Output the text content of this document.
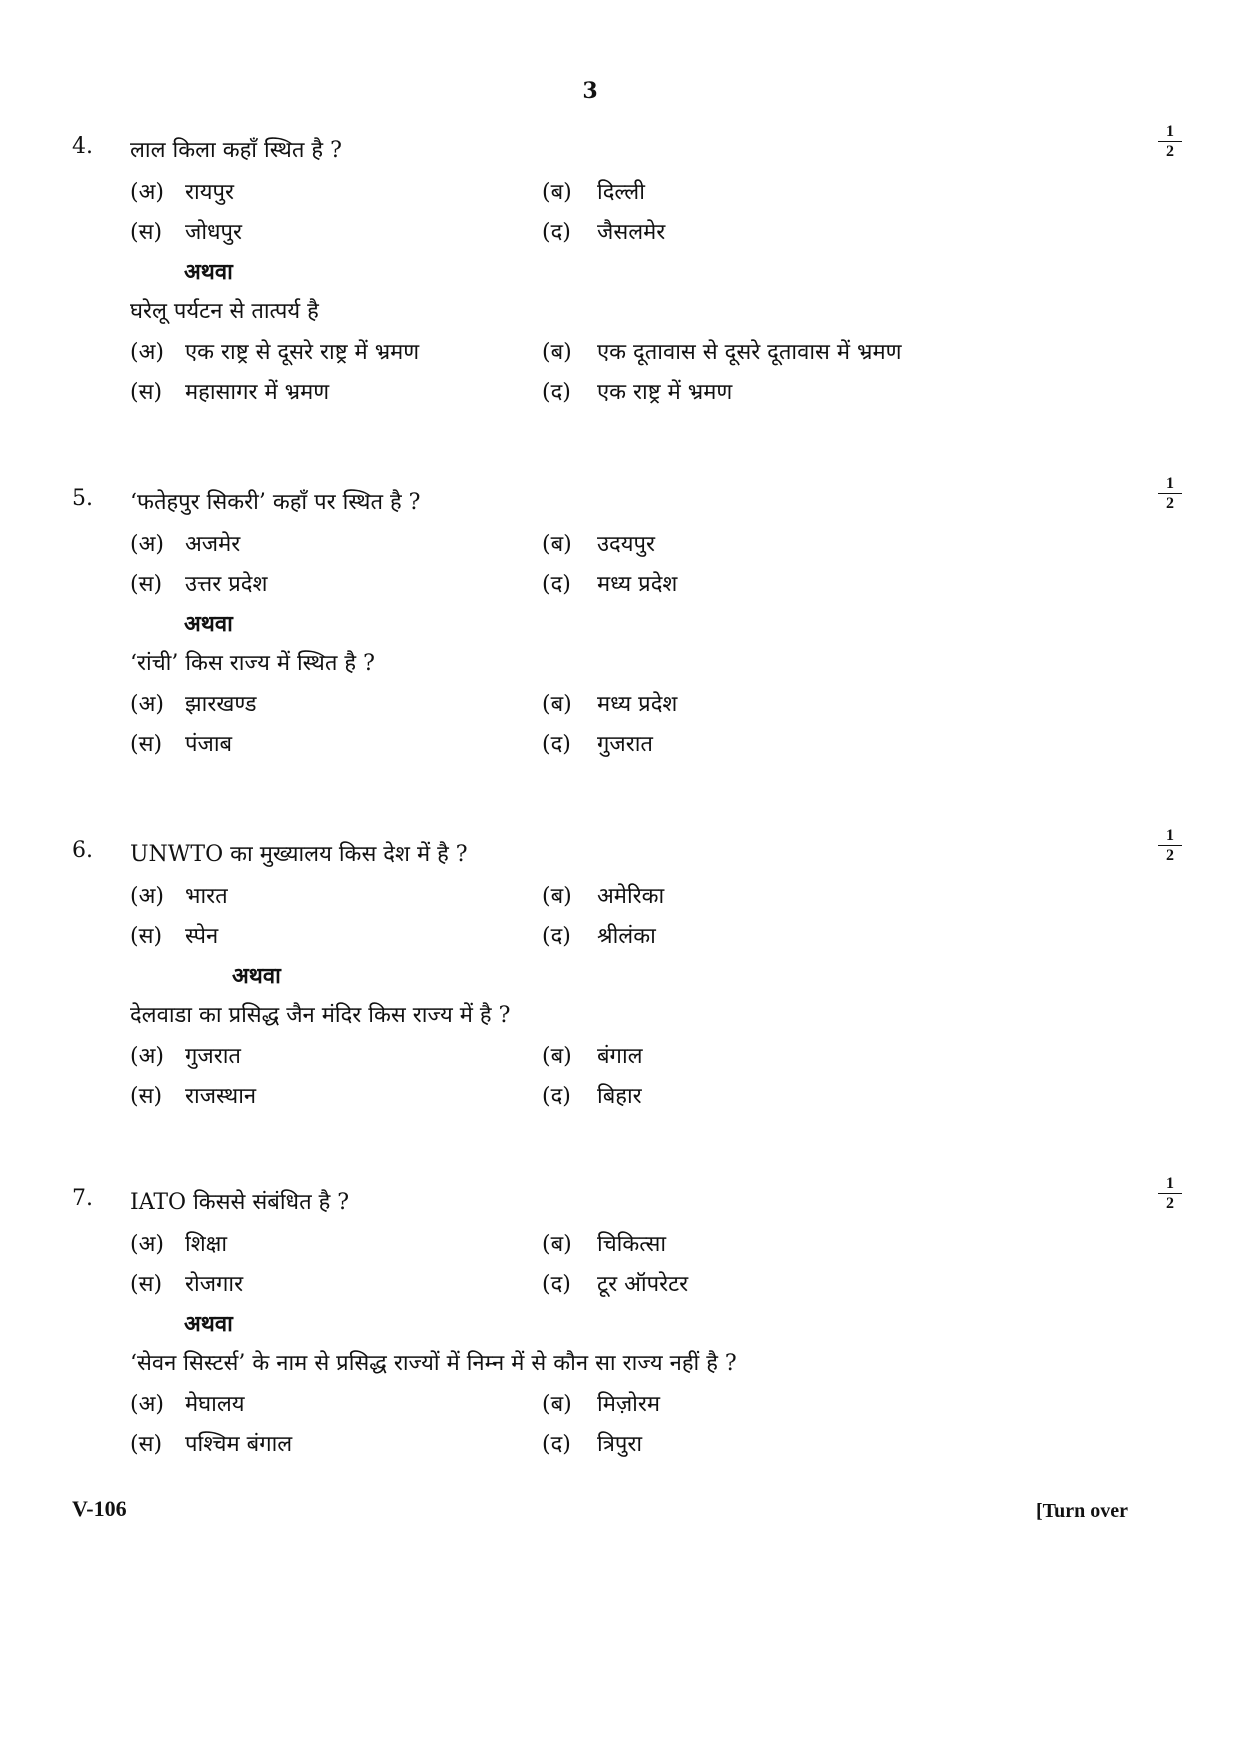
3
4. लाल किला कहाँ स्थित है ?	$\frac{1}{2}$
(अ) रायपुर	(ब) दिल्ली
(स) जोधपुर	(द) जैसलमेर
अथवा
घरेलू पर्यटन से तात्पर्य है
(अ) एक राष्ट्र से दूसरे राष्ट्र में भ्रमण	(ब) एक दूतावास से दूसरे दूतावास में भ्रमण
(स) महासागर में भ्रमण	(द) एक राष्ट्र में भ्रमण
5. ‘फतेहपुर सिकरी’ कहाँ पर स्थित है ?	$\frac{1}{2}$
(अ) अजमेर	(ब) उदयपुर
(स) उत्तर प्रदेश	(द) मध्य प्रदेश
अथवा
‘रांची’ किस राज्य में स्थित है ?
(अ) झारखण्ड	(ब) मध्य प्रदेश
(स) पंजाब	(द) गुजरात
6. UNWTO का मुख्यालय किस देश में है ?	$\frac{1}{2}$
(अ) भारत	(ब) अमेरिका
(स) स्पेन	(द) श्रीलंका
अथवा
देलवाडा का प्रसिद्ध जैन मंदिर किस राज्य में है ?
(अ) गुजरात	(ब) बंगाल
(स) राजस्थान	(द) बिहार
7. IATO किससे संबंधित है ?	$\frac{1}{2}$
(अ) शिक्षा	(ब) चिकित्सा
(स) रोजगार	(द) टूर ऑपरेटर
अथवा
‘सेवन सिस्टर्स’ के नाम से प्रसिद्ध राज्यों में निम्न में से कौन सा राज्य नहीं है ?
(अ) मेघालय	(ब) मिज़ोरम
(स) पश्चिम बंगाल	(द) त्रिपुरा
V-106	[Turn over
